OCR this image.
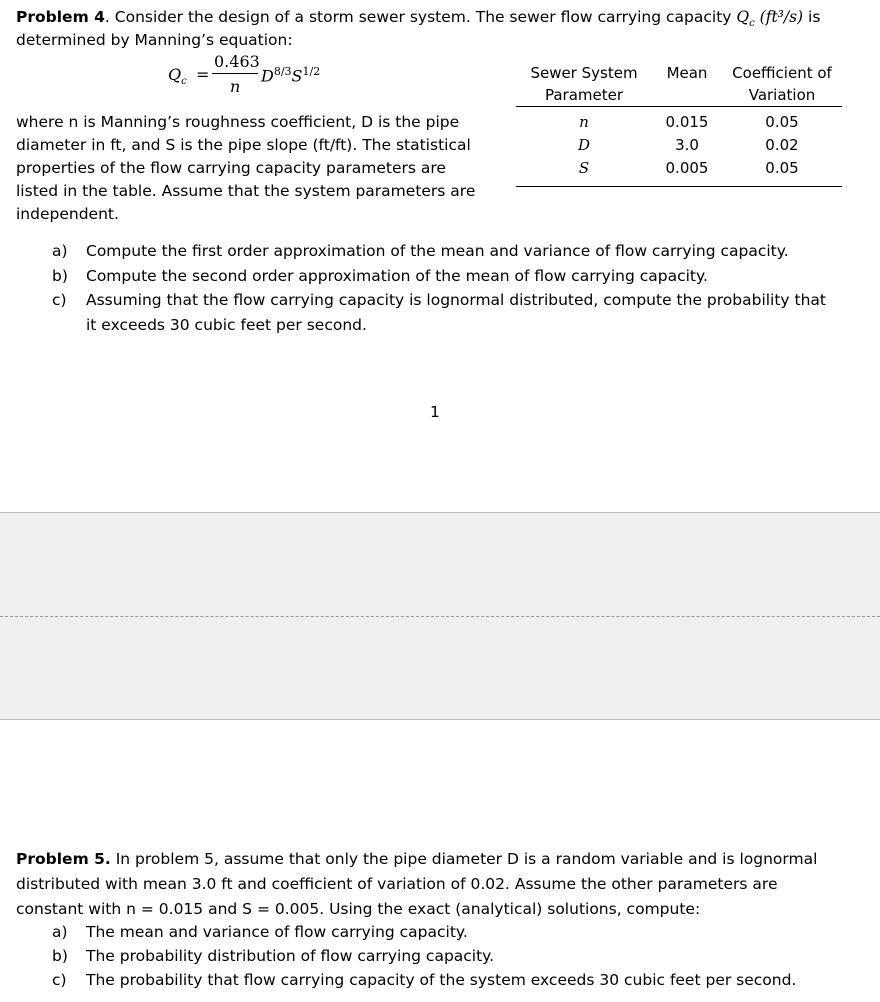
Problem 4. Consider the design of a storm sewer system. The sewer flow carrying capacity $Q_c$ (ft³/s) is
determined by Manning’s equation:
$Q_c$ =
0.463
n
$D^{8/3}S^{1/2}$
where n is Manning’s roughness coefficient, D is the pipe
diameter in ft, and S is the pipe slope (ft/ft). The statistical
properties of the flow carrying capacity parameters are
listed in the table. Assume that the system parameters are
independent.
Sewer System
Parameter	Mean	Coefficient of
Variation
n	0.015	0.05
D	3.0	0.02
S	0.005	0.05
a) Compute the first order approximation of the mean and variance of flow carrying capacity.
b) Compute the second order approximation of the mean of flow carrying capacity.
c) Assuming that the flow carrying capacity is lognormal distributed, compute the probability that
it exceeds 30 cubic feet per second.
1
Problem 5. In problem 5, assume that only the pipe diameter D is a random variable and is lognormal
distributed with mean 3.0 ft and coefficient of variation of 0.02. Assume the other parameters are
constant with n = 0.015 and S = 0.005. Using the exact (analytical) solutions, compute:
a) The mean and variance of flow carrying capacity.
b) The probability distribution of flow carrying capacity.
c) The probability that flow carrying capacity of the system exceeds 30 cubic feet per second.
